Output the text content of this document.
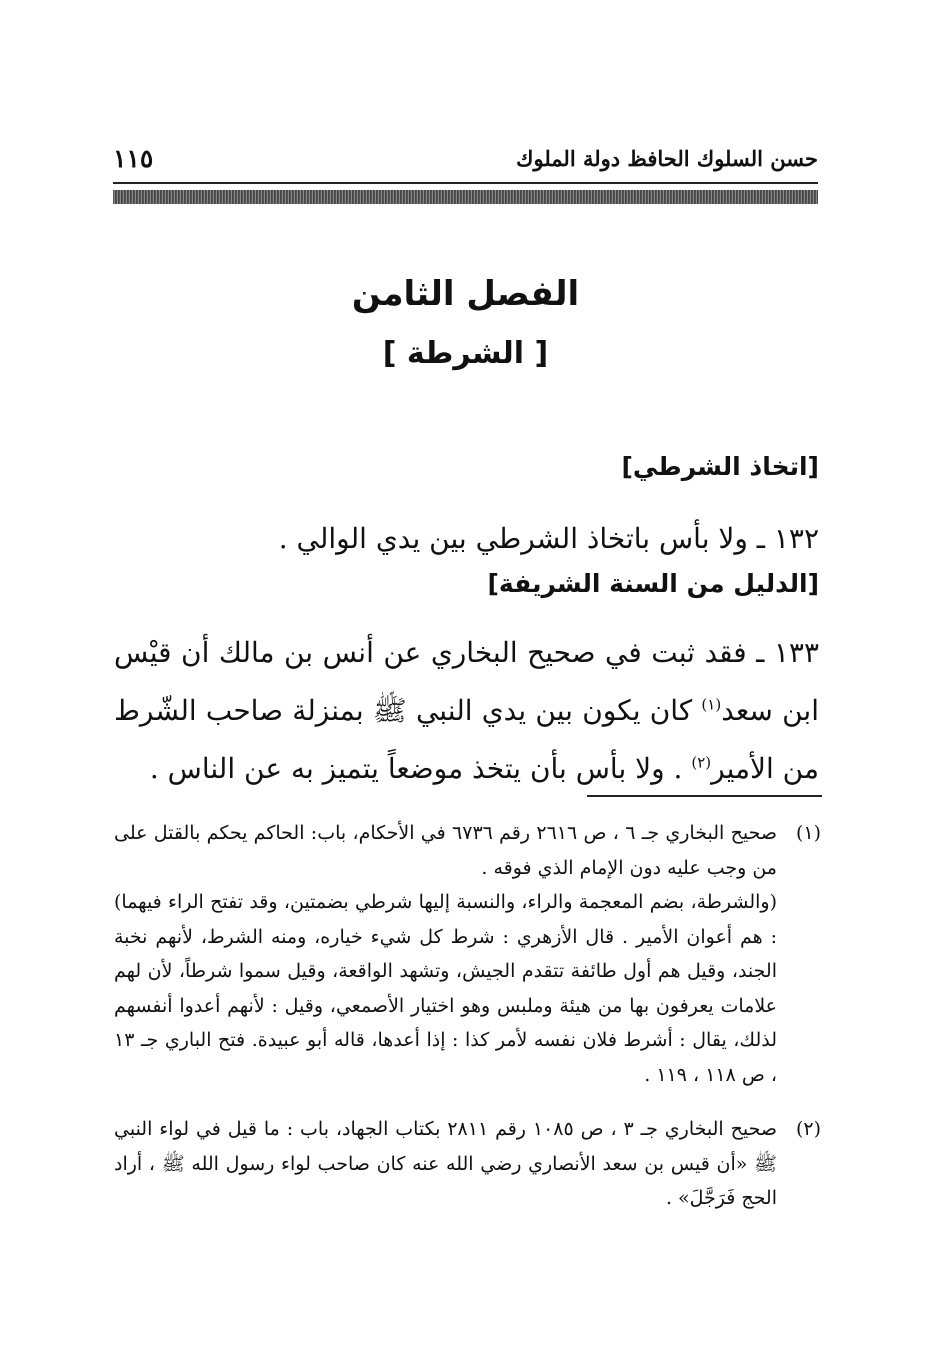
حسن السلوك الحافظ دولة الملوك
١١٥
الفصل الثامن
[ الشرطة ]
[اتخاذ الشرطي]
١٣٢ ـ ولا بأس باتخاذ الشرطي بين يدي الوالي .
[الدليل من السنة الشريفة]
١٣٣ ـ فقد ثبت في صحيح البخاري عن أنس بن مالك أن قيْس ابن سعد$^{(١)}$ كان يكون بين يدي النبي ﷺ بمنزلة صاحب الشّرط من الأمير$^{(٢)}$ . ولا بأس بأن يتخذ موضعاً يتميز به عن الناس .
(١)
صحيح البخاري جـ ٦ ، ص ٢٦١٦ رقم ٦٧٣٦ في الأحكام، باب: الحاكم يحكم بالقتل على من وجب عليه دون الإمام الذي فوقه .
(والشرطة، بضم المعجمة والراء، والنسبة إليها شرطي بضمتين، وقد تفتح الراء فيهما) : هم أعوان الأمير . قال الأزهري : شرط كل شيء خياره، ومنه الشرط، لأنهم نخبة الجند، وقيل هم أول طائفة تتقدم الجيش، وتشهد الواقعة، وقيل سموا شرطاً، لأن لهم علامات يعرفون بها من هيئة وملبس وهو اختيار الأصمعي، وقيل : لأنهم أعدوا أنفسهم لذلك، يقال : أشرط فلان نفسه لأمر كذا : إذا أعدها، قاله أبو عبيدة. فتح الباري جـ ١٣ ، ص ١١٨ ، ١١٩ .
(٢)
صحيح البخاري جـ ٣ ، ص ١٠٨٥ رقم ٢٨١١ بكتاب الجهاد، باب : ما قيل في لواء النبي ﷺ «أن قيس بن سعد الأنصاري رضي الله عنه كان صاحب لواء رسول الله ﷺ ، أراد الحج فَرَجَّلَ» .
